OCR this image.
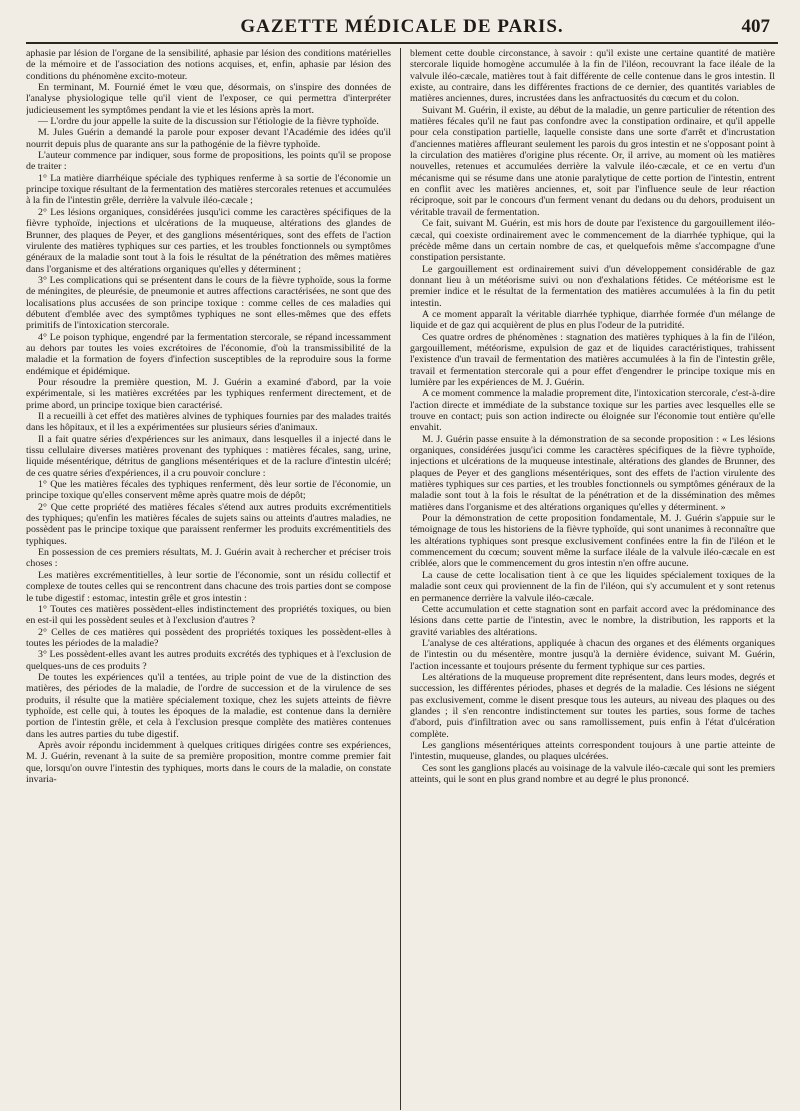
GAZETTE MÉDICALE DE PARIS.	407

aphasie par lésion de l'organe de la sensibilité, aphasie par lésion des conditions matérielles de la mémoire et de l'association des notions acquises, et, enfin, aphasie par lésion des conditions du phénomène excito-moteur.

En terminant, M. Fournié émet le vœu que, désormais, on s'inspire des données de l'analyse physiologique telle qu'il vient de l'exposer, ce qui permettra d'interpréter judicieusement les symptômes pendant la vie et les lésions après la mort.

— L'ordre du jour appelle la suite de la discussion sur l'étiologie de la fièvre typhoïde.

M. Jules Guérin a demandé la parole pour exposer devant l'Académie des idées qu'il nourrit depuis plus de quarante ans sur la pathogénie de la fièvre typhoïde.

L'auteur commence par indiquer, sous forme de propositions, les points qu'il se propose de traiter :

1° La matière diarrhéique spéciale des typhiques renferme à sa sortie de l'économie un principe toxique résultant de la fermentation des matières stercorales retenues et accumulées à la fin de l'intestin grêle, derrière la valvule iléo-cæcale ;

2° Les lésions organiques, considérées jusqu'ici comme les caractères spécifiques de la fièvre typhoïde, injections et ulcérations de la muqueuse, altérations des glandes de Brunner, des plaques de Peyer, et des ganglions mésentériques, sont des effets de l'action virulente des matières typhiques sur ces parties, et les troubles fonctionnels ou symptômes généraux de la maladie sont tout à la fois le résultat de la pénétration des mêmes matières dans l'organisme et des altérations organiques qu'elles y déterminent ;

3° Les complications qui se présentent dans le cours de la fièvre typhoïde, sous la forme de méningites, de pleurésie, de pneumonie et autres affections caractérisées, ne sont que des localisations plus accusées de son principe toxique : comme celles de ces maladies qui débutent d'emblée avec des symptômes typhiques ne sont elles-mêmes que des effets primitifs de l'intoxication stercorale.

4° Le poison typhique, engendré par la fermentation stercorale, se répand incessamment au dehors par toutes les voies excrétoires de l'économie, d'où la transmissibilité de la maladie et la formation de foyers d'infection susceptibles de la reproduire sous la forme endémique et épidémique.

Pour résoudre la première question, M. J. Guérin a examiné d'abord, par la voie expérimentale, si les matières excrétées par les typhiques renferment directement, et de prime abord, un principe toxique bien caractérisé.

Il a recueilli à cet effet des matières alvines de typhiques fournies par des malades traités dans les hôpitaux, et il les a expérimentées sur plusieurs séries d'animaux.

Il a fait quatre séries d'expériences sur les animaux, dans lesquelles il a injecté dans le tissu cellulaire diverses matières provenant des typhiques : matières fécales, sang, urine, liquide mésentérique, détritus de ganglions mésentériques et de la raclure d'intestin ulcéré; de ces quatre séries d'expériences, il a cru pouvoir conclure :

1° Que les matières fécales des typhiques renferment, dès leur sortie de l'économie, un principe toxique qu'elles conservent même après quatre mois de dépôt;

2° Que cette propriété des matières fécales s'étend aux autres produits excrémentitiels des typhiques; qu'enfin les matières fécales de sujets sains ou atteints d'autres maladies, ne possèdent pas le principe toxique que paraissent renfermer les produits excrémentitiels des typhiques.

En possession de ces premiers résultats, M. J. Guérin avait à rechercher et préciser trois choses :

Les matières excrémentitielles, à leur sortie de l'économie, sont un résidu collectif et complexe de toutes celles qui se rencontrent dans chacune des trois parties dont se compose le tube digestif : estomac, intestin grêle et gros intestin :

1° Toutes ces matières possèdent-elles indistinctement des propriétés toxiques, ou bien en est-il qui les possèdent seules et à l'exclusion d'autres ?

2° Celles de ces matières qui possèdent des propriétés toxiques les possèdent-elles à toutes les périodes de la maladie?

3° Les possèdent-elles avant les autres produits excrétés des typhiques et à l'exclusion de quelques-uns de ces produits ?

De toutes les expériences qu'il a tentées, au triple point de vue de la distinction des matières, des périodes de la maladie, de l'ordre de succession et de la virulence de ses produits, il résulte que la matière spécialement toxique, chez les sujets atteints de fièvre typhoïde, est celle qui, à toutes les époques de la maladie, est contenue dans la dernière portion de l'intestin grêle, et cela à l'exclusion presque complète des matières contenues dans les autres parties du tube digestif.

Après avoir répondu incidemment à quelques critiques dirigées contre ses expériences, M. J. Guérin, revenant à la suite de sa première proposition, montre comme premier fait que, lorsqu'on ouvre l'intestin des typhiques, morts dans le cours de la maladie, on constate invaria-

blement cette double circonstance, à savoir : qu'il existe une certaine quantité de matière stercorale liquide homogène accumulée à la fin de l'iléon, recouvrant la face iléale de la valvule iléo-cæcale, matières tout à fait différente de celle contenue dans le gros intestin. Il existe, au contraire, dans les différentes fractions de ce dernier, des quantités variables de matières anciennes, dures, incrustées dans les anfractuosités du cœcum et du colon.

Suivant M. Guérin, il existe, au début de la maladie, un genre particulier de rétention des matières fécales qu'il ne faut pas confondre avec la constipation ordinaire, et qu'il appelle pour cela constipation partielle, laquelle consiste dans une sorte d'arrêt et d'incrustation d'anciennes matières affleurant seulement les parois du gros intestin et ne s'opposant point à la circulation des matières d'origine plus récente. Or, il arrive, au moment où les matières nouvelles, retenues et accumulées derrière la valvule iléo-cæcale, et ce en vertu d'un mécanisme qui se résume dans une atonie paralytique de cette portion de l'intestin, entrent en conflit avec les matières anciennes, et, soit par l'influence seule de leur réaction réciproque, soit par le concours d'un ferment venant du dedans ou du dehors, produisent un véritable travail de fermentation.

Ce fait, suivant M. Guérin, est mis hors de doute par l'existence du gargouillement iléo-cæcal, qui coexiste ordinairement avec le commencement de la diarrhée typhique, qui la précède même dans un certain nombre de cas, et quelquefois même s'accompagne d'une constipation persistante.

Le gargouillement est ordinairement suivi d'un développement considérable de gaz donnant lieu à un météorisme suivi ou non d'exhalations fétides. Ce météorisme est le premier indice et le résultat de la fermentation des matières accumulées à la fin du petit intestin.

A ce moment apparaît la véritable diarrhée typhique, diarrhée formée d'un mélange de liquide et de gaz qui acquièrent de plus en plus l'odeur de la putridité.

Ces quatre ordres de phénomènes : stagnation des matières typhiques à la fin de l'iléon, gargouillement, météorisme, expulsion de gaz et de liquides caractéristiques, trahissent l'existence d'un travail de fermentation des matières accumulées à la fin de l'intestin grêle, travail et fermentation stercorale qui a pour effet d'engendrer le principe toxique mis en lumière par les expériences de M. J. Guérin.

A ce moment commence la maladie proprement dite, l'intoxication stercorale, c'est-à-dire l'action directe et immédiate de la substance toxique sur les parties avec lesquelles elle se trouve en contact; puis son action indirecte ou éloignée sur l'économie tout entière qu'elle envahit.

M. J. Guérin passe ensuite à la démonstration de sa seconde proposition : « Les lésions organiques, considérées jusqu'ici comme les caractères spécifiques de la fièvre typhoïde, injections et ulcérations de la muqueuse intestinale, altérations des glandes de Brunner, des plaques de Peyer et des ganglions mésentériques, sont des effets de l'action virulente des matières typhiques sur ces parties, et les troubles fonctionnels ou symptômes généraux de la maladie sont tout à la fois le résultat de la pénétration et de la dissémination des mêmes matières dans l'organisme et des altérations organiques qu'elles y déterminent. »

Pour la démonstration de cette proposition fondamentale, M. J. Guérin s'appuie sur le témoignage de tous les historiens de la fièvre typhoïde, qui sont unanimes à reconnaître que les altérations typhiques sont presque exclusivement confinées entre la fin de l'iléon et le commencement du cœcum; souvent même la surface iléale de la valvule iléo-cæcale en est criblée, alors que le commencement du gros intestin n'en offre aucune.

La cause de cette localisation tient à ce que les liquides spécialement toxiques de la maladie sont ceux qui proviennent de la fin de l'iléon, qui s'y accumulent et y sont retenus en permanence derrière la valvule iléo-cæcale.

Cette accumulation et cette stagnation sont en parfait accord avec la prédominance des lésions dans cette partie de l'intestin, avec le nombre, la distribution, les rapports et la gravité variables des altérations.

L'analyse de ces altérations, appliquée à chacun des organes et des éléments organiques de l'intestin ou du mésentère, montre jusqu'à la dernière évidence, suivant M. Guérin, l'action incessante et toujours présente du ferment typhique sur ces parties.

Les altérations de la muqueuse proprement dite représentent, dans leurs modes, degrés et succession, les différentes périodes, phases et degrés de la maladie. Ces lésions ne siégent pas exclusivement, comme le disent presque tous les auteurs, au niveau des plaques ou des glandes ; il s'en rencontre indistinctement sur toutes les parties, sous forme de taches d'abord, puis d'infiltration avec ou sans ramollissement, puis enfin à l'état d'ulcération complète.

Les ganglions mésentériques atteints correspondent toujours à une partie atteinte de l'intestin, muqueuse, glandes, ou plaques ulcérées.

Ces sont les ganglions placés au voisinage de la valvule iléo-cæcale qui sont les premiers atteints, qui le sont en plus grand nombre et au degré le plus prononcé.
